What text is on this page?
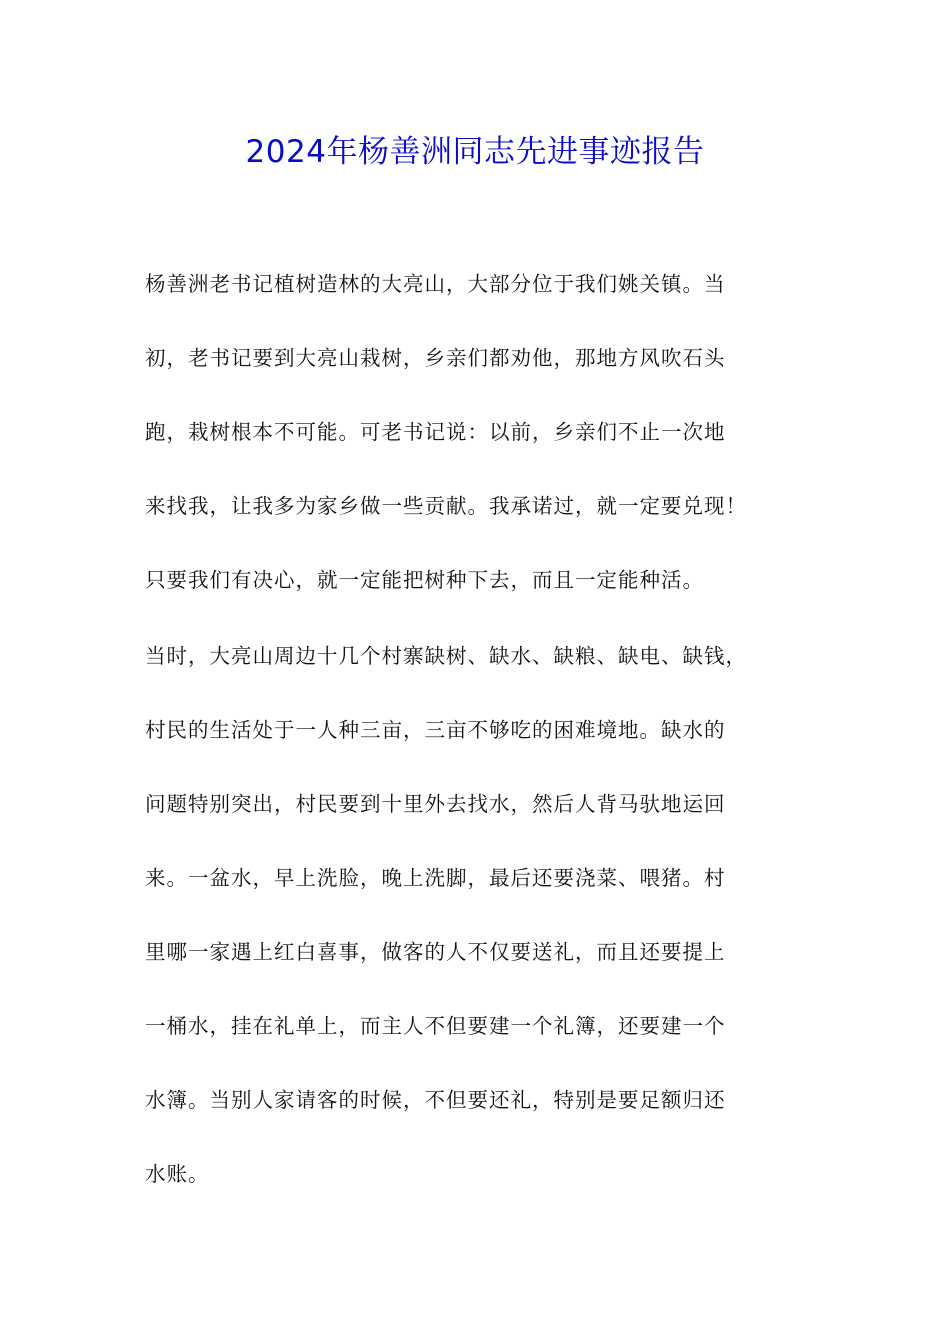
2024年杨善洲同志先进事迹报告
杨善洲老书记植树造林的大亮山，大部分位于我们姚关镇。当
初，老书记要到大亮山栽树，乡亲们都劝他，那地方风吹石头
跑，栽树根本不可能。可老书记说：以前，乡亲们不止一次地
来找我，让我多为家乡做一些贡献。我承诺过，就一定要兑现！
只要我们有决心，就一定能把树种下去，而且一定能种活。
当时，大亮山周边十几个村寨缺树、缺水、缺粮、缺电、缺钱，
村民的生活处于一人种三亩，三亩不够吃的困难境地。缺水的
问题特别突出，村民要到十里外去找水，然后人背马驮地运回
来。一盆水，早上洗脸，晚上洗脚，最后还要浇菜、喂猪。村
里哪一家遇上红白喜事，做客的人不仅要送礼，而且还要提上
一桶水，挂在礼单上，而主人不但要建一个礼簿，还要建一个
水簿。当别人家请客的时候，不但要还礼，特别是要足额归还
水账。
